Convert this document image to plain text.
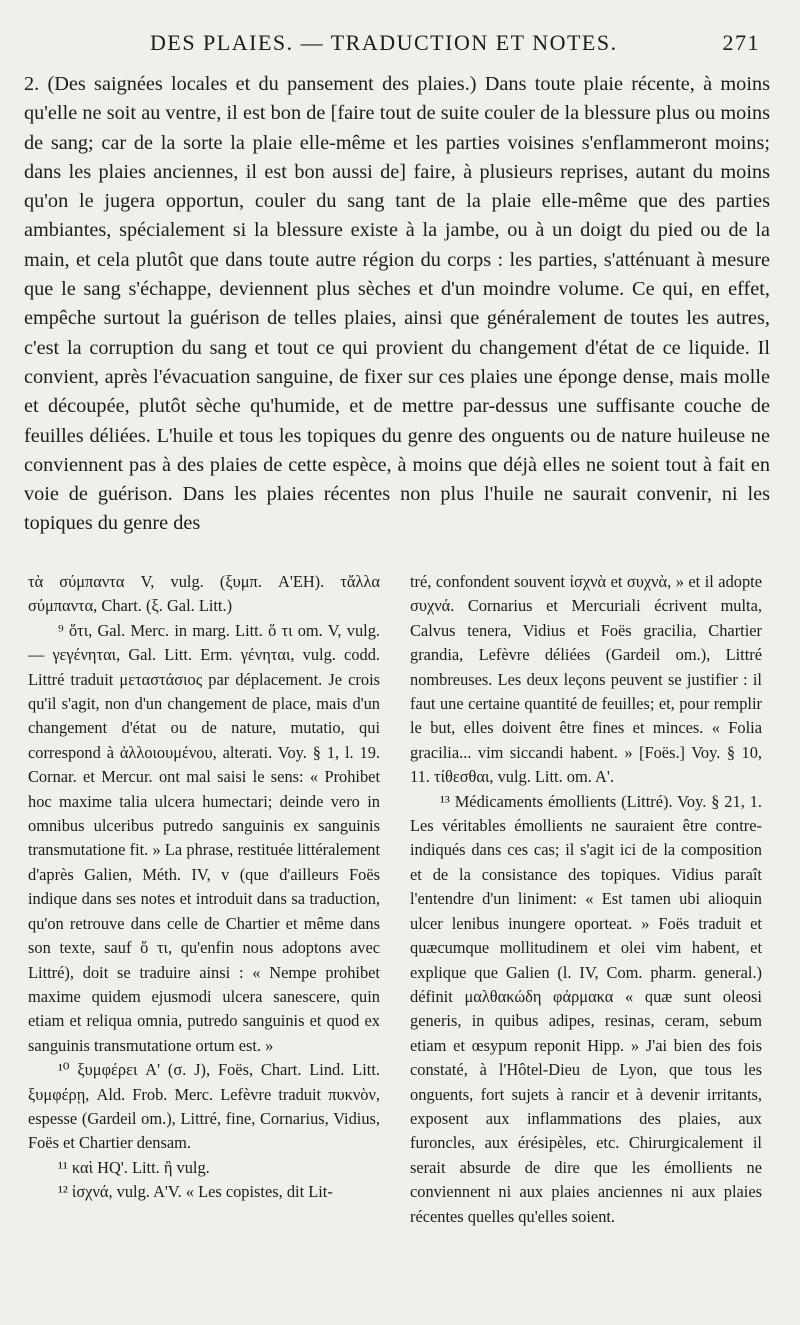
DES PLAIES. — TRADUCTION ET NOTES.	271

2. (Des saignées locales et du pansement des plaies.) Dans toute plaie récente, à moins qu'elle ne soit au ventre, il est bon de [faire tout de suite couler de la blessure plus ou moins de sang; car de la sorte la plaie elle-même et les parties voisines s'enflammeront moins; dans les plaies anciennes, il est bon aussi de] faire, à plusieurs reprises, autant du moins qu'on le jugera opportun, couler du sang tant de la plaie elle-même que des parties ambiantes, spécialement si la blessure existe à la jambe, ou à un doigt du pied ou de la main, et cela plutôt que dans toute autre région du corps : les parties, s'atténuant à mesure que le sang s'échappe, deviennent plus sèches et d'un moindre volume. Ce qui, en effet, empêche surtout la guérison de telles plaies, ainsi que généralement de toutes les autres, c'est la corruption du sang et tout ce qui provient du changement d'état de ce liquide. Il convient, après l'évacuation sanguine, de fixer sur ces plaies une éponge dense, mais molle et découpée, plutôt sèche qu'humide, et de mettre par-dessus une suffisante couche de feuilles déliées. L'huile et tous les topiques du genre des onguents ou de nature huileuse ne conviennent pas à des plaies de cette espèce, à moins que déjà elles ne soient tout à fait en voie de guérison. Dans les plaies récentes non plus l'huile ne saurait convenir, ni les topiques du genre des

τὰ σύμπαντα V, vulg. (ξυμπ. A'EH). τἄλλα σύμπαντα, Chart. (ξ. Gal. Litt.)

⁹ ὅτι, Gal. Merc. in marg. Litt. ὅ τι om. V, vulg. — γεγένηται, Gal. Litt. Erm. γένηται, vulg. codd. Littré traduit μεταστάσιος par déplacement. Je crois qu'il s'agit, non d'un changement de place, mais d'un changement d'état ou de nature, mutatio, qui correspond à ἀλλοιουμένου, alterati. Voy. § 1, l. 19. Cornar. et Mercur. ont mal saisi le sens: « Prohibet hoc maxime talia ulcera humectari; deinde vero in omnibus ulceribus putredo sanguinis ex sanguinis transmutatione fit. » La phrase, restituée littéralement d'après Galien, Méth. IV, v (que d'ailleurs Foës indique dans ses notes et introduit dans sa traduction, qu'on retrouve dans celle de Chartier et même dans son texte, sauf ὅ τι, qu'enfin nous adoptons avec Littré), doit se traduire ainsi : « Nempe prohibet maxime quidem ejusmodi ulcera sanescere, quin etiam et reliqua omnia, putredo sanguinis et quod ex sanguinis transmutatione ortum est. »

¹⁰ ξυμφέρει A' (σ. J), Foës, Chart. Lind. Litt. ξυμφέρῃ, Ald. Frob. Merc. Lefèvre traduit πυκνὸν, espesse (Gardeil om.), Littré, fine, Cornarius, Vidius, Foës et Chartier densam.

¹¹ καὶ HQ'. Litt. ἢ vulg.

¹² ἰσχνά, vulg. A'V. « Les copistes, dit Lit-

tré, confondent souvent ἰσχνὰ et συχνὰ, » et il adopte συχνά. Cornarius et Mercuriali écrivent multa, Calvus tenera, Vidius et Foës gracilia, Chartier grandia, Lefèvre déliées (Gardeil om.), Littré nombreuses. Les deux leçons peuvent se justifier : il faut une certaine quantité de feuilles; et, pour remplir le but, elles doivent être fines et minces. « Folia gracilia... vim siccandi habent. » [Foës.] Voy. § 10, 11. τίθεσθαι, vulg. Litt. om. A'.

¹³ Médicaments émollients (Littré). Voy. § 21, 1. Les véritables émollients ne sauraient être contre-indiqués dans ces cas; il s'agit ici de la composition et de la consistance des topiques. Vidius paraît l'entendre d'un liniment: « Est tamen ubi alioquin ulcer lenibus inungere oporteat. » Foës traduit et quæcumque mollitudinem et olei vim habent, et explique que Galien (l. IV, Com. pharm. general.) définit μαλθακώδη φάρμακα « quæ sunt oleosi generis, in quibus adipes, resinas, ceram, sebum etiam et œsypum reponit Hipp. » J'ai bien des fois constaté, à l'Hôtel-Dieu de Lyon, que tous les onguents, fort sujets à rancir et à devenir irritants, exposent aux inflammations des plaies, aux furoncles, aux érésipèles, etc. Chirurgicalement il serait absurde de dire que les émollients ne conviennent ni aux plaies anciennes ni aux plaies récentes quelles qu'elles soient.
